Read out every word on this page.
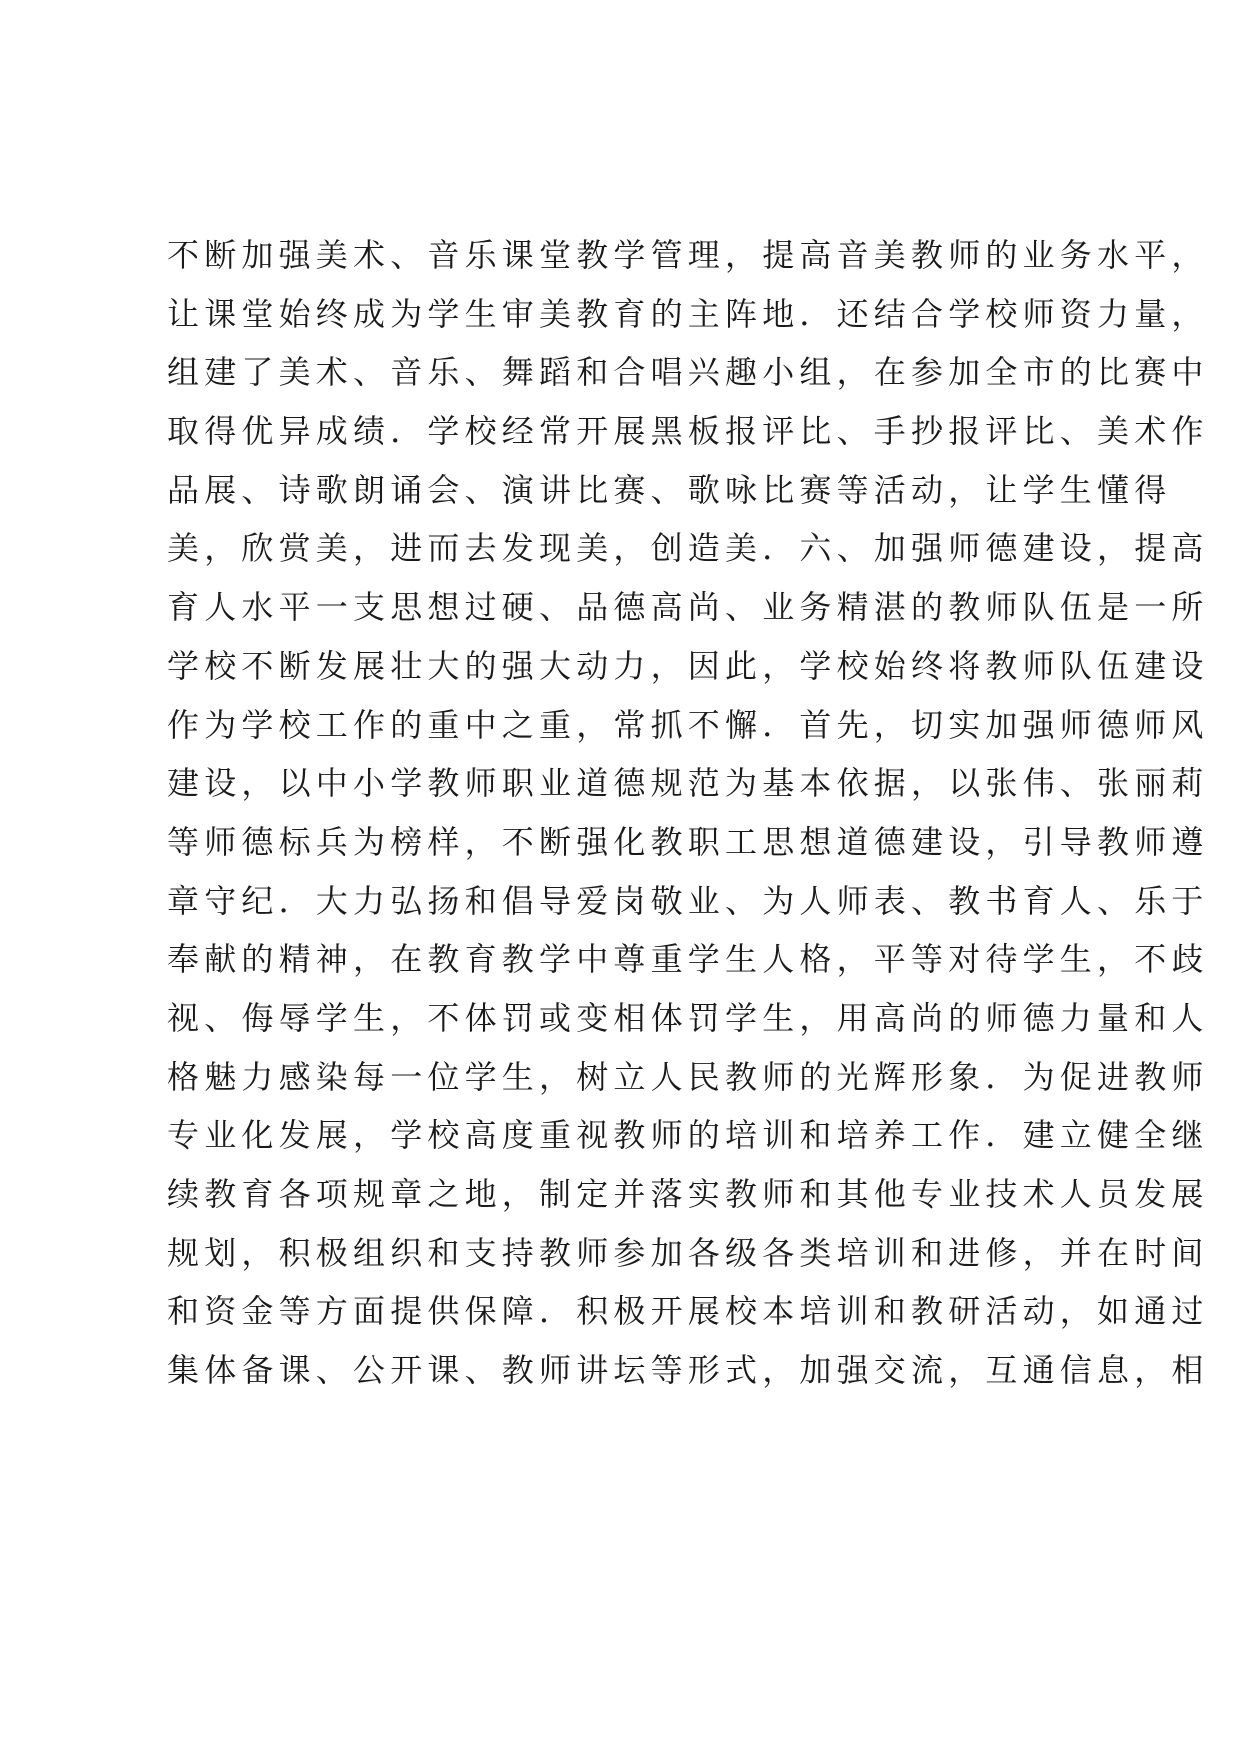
不断加强美术、音乐课堂教学管理，提高音美教师的业务水平，
让课堂始终成为学生审美教育的主阵地．还结合学校师资力量，
组建了美术、音乐、舞蹈和合唱兴趣小组，在参加全市的比赛中
取得优异成绩．学校经常开展黑板报评比、手抄报评比、美术作
品展、诗歌朗诵会、演讲比赛、歌咏比赛等活动，让学生懂得
美，欣赏美，进而去发现美，创造美．六、加强师德建设，提高
育人水平一支思想过硬、品德高尚、业务精湛的教师队伍是一所
学校不断发展壮大的强大动力，因此，学校始终将教师队伍建设
作为学校工作的重中之重，常抓不懈．首先，切实加强师德师风
建设，以中小学教师职业道德规范为基本依据，以张伟、张丽莉
等师德标兵为榜样，不断强化教职工思想道德建设，引导教师遵
章守纪．大力弘扬和倡导爱岗敬业、为人师表、教书育人、乐于
奉献的精神，在教育教学中尊重学生人格，平等对待学生，不歧
视、侮辱学生，不体罚或变相体罚学生，用高尚的师德力量和人
格魅力感染每一位学生，树立人民教师的光辉形象．为促进教师
专业化发展，学校高度重视教师的培训和培养工作．建立健全继
续教育各项规章之地，制定并落实教师和其他专业技术人员发展
规划，积极组织和支持教师参加各级各类培训和进修，并在时间
和资金等方面提供保障．积极开展校本培训和教研活动，如通过
集体备课、公开课、教师讲坛等形式，加强交流，互通信息，相
